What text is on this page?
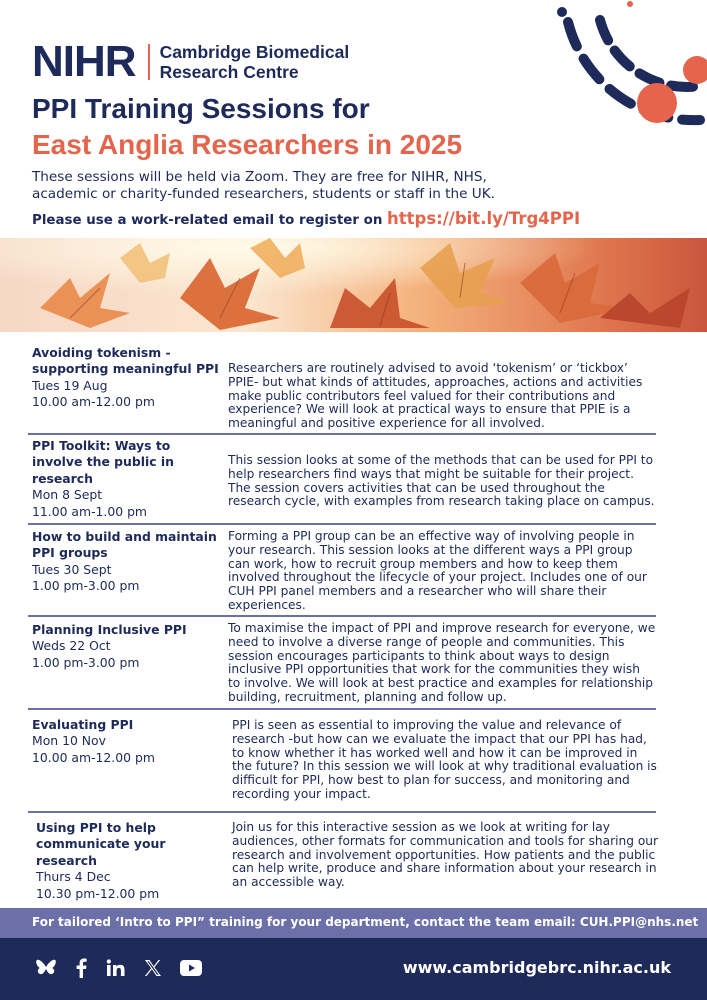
NIHR Cambridge Biomedical
Research Centre
PPI Training Sessions for
East Anglia Researchers in 2025
These sessions will be held via Zoom. They are free for NIHR, NHS, academic or charity-funded researchers, students or staff in the UK.
Please use a work-related email to register on https://bit.ly/Trg4PPI
Avoiding tokenism - supporting meaningful PPI
Tues 19 Aug
10.00 am-12.00 pm
Researchers are routinely advised to avoid ‘tokenism’ or ‘tickbox’ PPIE- but what kinds of attitudes, approaches, actions and activities make public contributors feel valued for their contributions and experience? We will look at practical ways to ensure that PPIE is a meaningful and positive experience for all involved.
PPI Toolkit: Ways to involve the public in research
Mon 8 Sept
11.00 am-1.00 pm
This session looks at some of the methods that can be used for PPI to help researchers find ways that might be suitable for their project. The session covers activities that can be used throughout the research cycle, with examples from research taking place on campus.
How to build and maintain PPI groups
Tues 30 Sept
1.00 pm-3.00 pm
Forming a PPI group can be an effective way of involving people in your research. This session looks at the different ways a PPI group can work, how to recruit group members and how to keep them involved throughout the lifecycle of your project. Includes one of our CUH PPI panel members and a researcher who will share their experiences.
Planning Inclusive PPI
Weds 22 Oct
1.00 pm-3.00 pm
To maximise the impact of PPI and improve research for everyone, we need to involve a diverse range of people and communities. This session encourages participants to think about ways to design inclusive PPI opportunities that work for the communities they wish to involve. We will look at best practice and examples for relationship building, recruitment, planning and follow up.
Evaluating PPI
Mon 10 Nov
10.00 am-12.00 pm
PPI is seen as essential to improving the value and relevance of research -but how can we evaluate the impact that our PPI has had, to know whether it has worked well and how it can be improved in the future? In this session we will look at why traditional evaluation is difficult for PPI, how best to plan for success, and monitoring and recording your impact.
Using PPI to help communicate your research
Thurs 4 Dec
10.30 pm-12.00 pm
Join us for this interactive session as we look at writing for lay audiences, other formats for communication and tools for sharing our research and involvement opportunities. How patients and the public can help write, produce and share information about your research in an accessible way.
For tailored ‘Intro to PPI” training for your department, contact the team email: CUH.PPI@nhs.net
www.cambridgebrc.nihr.ac.uk
